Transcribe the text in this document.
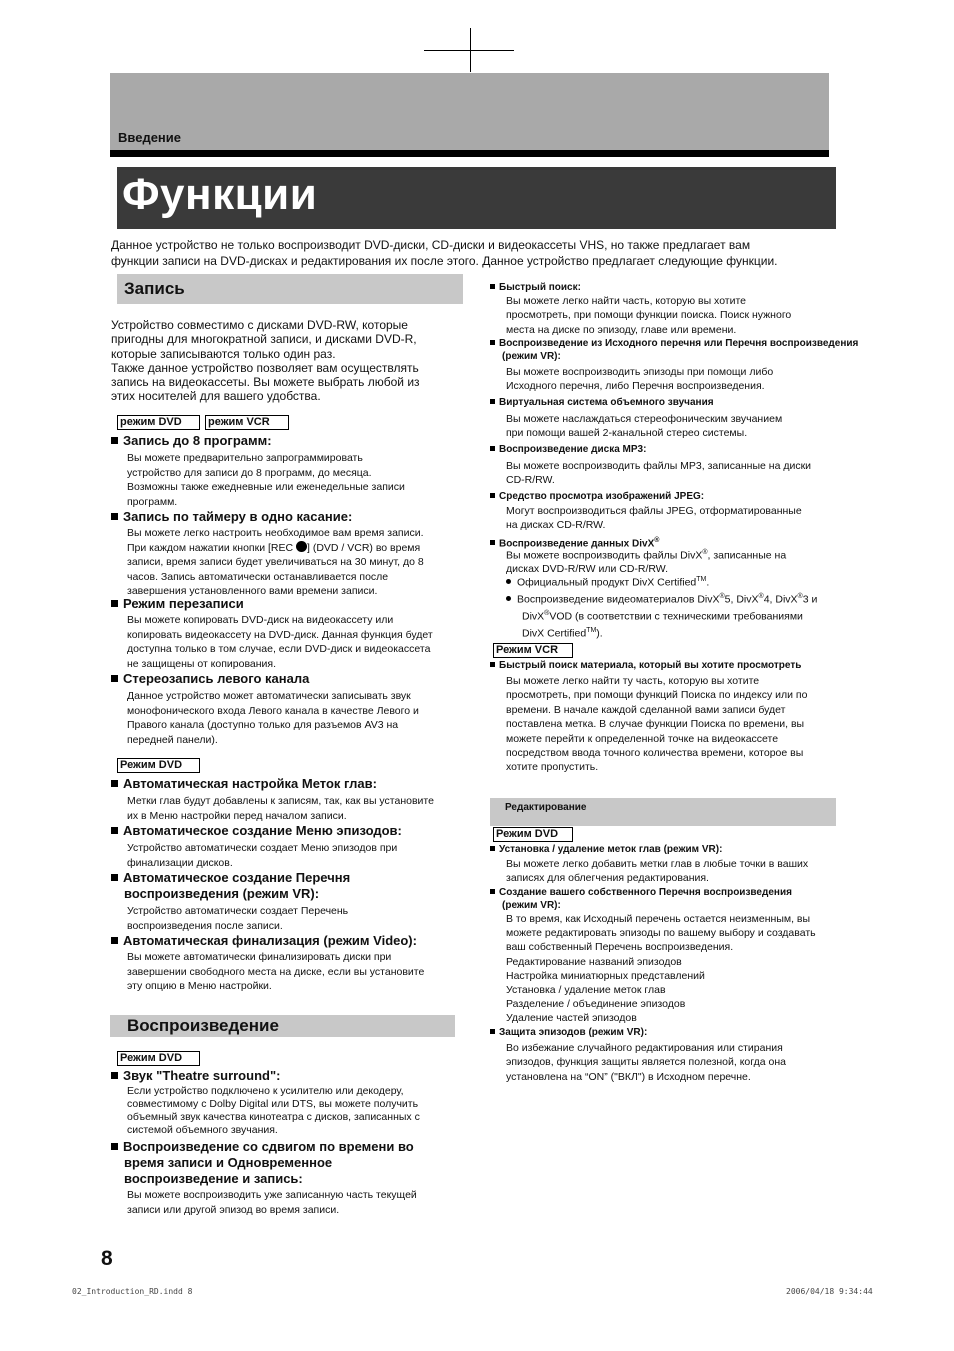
Введение
Функции
Данное устройство не только воспроизводит DVD-диски, CD-диски и видеокассеты VHS, но также предлагает вам
функции записи на DVD-дисках и редактирования их после этого. Данное устройство предлагает следующие функции.
Запись
Устройство совместимо с дисками DVD-RW, которые
пригодны для многократной записи, и дисками DVD-R,
которые записываются только один раз.
Также данное устройство позволяет вам осуществлять
запись на видеокассеты. Вы можете выбрать любой из
этих носителей для вашего удобства.
режим DVD	режим VCR
Запись до 8 программ:
Вы можете предварительно запрограммировать
устройство для записи до 8 программ, до месяца.
Возможны также ежедневные или еженедельные записи
программ.
Запись по таймеру в одно касание:
Вы можете легко настроить необходимое вам время записи.
При каждом нажатии кнопки [REC ] (DVD / VCR) во время
записи, время записи будет увеличиваться на 30 минут, до 8
часов. Запись автоматически останавливается после
завершения установленного вами времени записи.
Режим перезаписи
Вы можете копировать DVD-диск на видеокассету или
копировать видеокассету на DVD-диск. Данная функция будет
доступна только в том случае, если DVD-диск и видеокассета
не защищены от копирования.
Стереозапись левого канала
Данное устройство может автоматически записывать звук
монофонического входа Левого канала в качестве Левого и
Правого канала (доступно только для разъемов AV3 на
передней панели).
Режим DVD
Автоматическая настройка Меток глав:
Метки глав будут добавлены к записям, так, как вы установите
их в Меню настройки перед началом записи.
Автоматическое создание Меню эпизодов:
Устройство автоматически создает Меню эпизодов при
финализации дисков.
Автоматическое создание Перечня
воспроизведения (режим VR):
Устройство автоматически создает Перечень
воспроизведения после записи.
Автоматическая финализация (режим Video):
Вы можете автоматически финализировать диски при
завершении свободного места на диске, если вы установите
эту опцию в Меню настройки.
Воспроизведение
Режим DVD
Звук "Theatre surround":
Если устройство подключено к усилителю или декодеру,
совместимому с Dolby Digital или DTS, вы можете получить
объемный звук качества кинотеатра с дисков, записанных с
системой объемного звучания.
Воспроизведение со сдвигом по времени во
время записи и Одновременное
воспроизведение и запись:
Вы можете воспроизводить уже записанную часть текущей
записи или другой эпизод во время записи.
Быстрый поиск:
Вы можете легко найти часть, которую вы хотите
просмотреть, при помощи функции поиска. Поиск нужного
места на диске по эпизоду, главе или времени.
Воспроизведение из Исходного перечня или Перечня воспроизведения
(режим VR):
Вы можете воспроизводить эпизоды при помощи либо
Исходного перечня, либо Перечня воспроизведения.
Виртуальная система объемного звучания
Вы можете наслаждаться стереофоническим звучанием
при помощи вашей 2-канальной стерео системы.
Воспроизведение диска MP3:
Вы можете воспроизводить файлы MP3, записанные на диски
CD-R/RW.
Средство просмотра изображений JPEG:
Могут воспроизводиться файлы JPEG, отформатированные
на дисках CD-R/RW.
Воспроизведение данных DivX®
Вы можете воспроизводить файлы DivX®, записанные на
дисках DVD-R/RW или CD-R/RW.
Официальный продукт DivX Certified™.
Воспроизведение видеоматериалов DivX®5, DivX®4, DivX®3 и
DivX®VOD (в соответствии с техническими требованиями
DivX Certified™).
Режим VCR
Быстрый поиск материала, который вы хотите просмотреть
Вы можете легко найти ту часть, которую вы хотите
просмотреть, при помощи функций Поиска по индексу или по
времени. В начале каждой сделанной вами записи будет
поставлена метка. В случае функции Поиска по времени, вы
можете перейти к определенной точке на видеокассете
посредством ввода точного количества времени, которое вы
хотите пропустить.
Редактирование
Режим DVD
Установка / удаление меток глав (режим VR):
Вы можете легко добавить метки глав в любые точки в ваших
записях для облегчения редактирования.
Создание вашего собственного Перечня воспроизведения
(режим VR):
В то время, как Исходный перечень остается неизменным, вы
можете редактировать эпизоды по вашему выбору и создавать
ваш собственный Перечень воспроизведения.
Редактирование названий эпизодов
Настройка миниатюрных представлений
Установка / удаление меток глав
Разделение / объединение эпизодов
Удаление частей эпизодов
Защита эпизодов (режим VR):
Во избежание случайного редактирования или стирания
эпизодов, функция защиты является полезной, когда она
установлена на “ON” ("ВКЛ") в Исходном перечне.
8
02_Introduction_RD.indd 8	2006/04/18 9:34:44
